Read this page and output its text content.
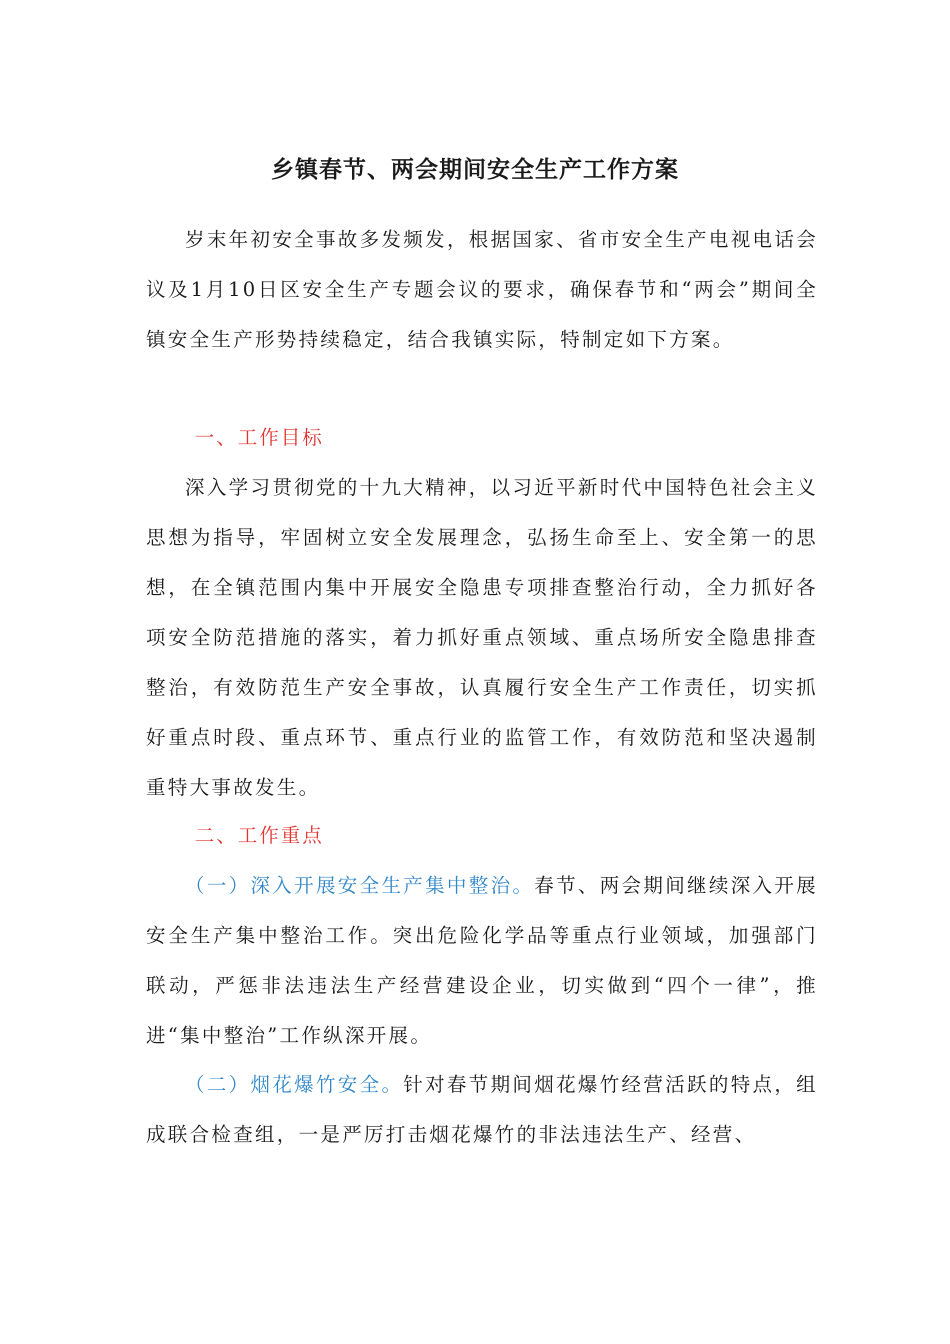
乡镇春节、两会期间安全生产工作方案

岁末年初安全事故多发频发，根据国家、省市安全生产电视电话会议及1月10日区安全生产专题会议的要求，确保春节和“两会”期间全镇安全生产形势持续稳定，结合我镇实际，特制定如下方案。

一、工作目标

深入学习贯彻党的十九大精神，以习近平新时代中国特色社会主义思想为指导，牢固树立安全发展理念，弘扬生命至上、安全第一的思想，在全镇范围内集中开展安全隐患专项排查整治行动，全力抓好各项安全防范措施的落实，着力抓好重点领域、重点场所安全隐患排查整治，有效防范生产安全事故，认真履行安全生产工作责任，切实抓好重点时段、重点环节、重点行业的监管工作，有效防范和坚决遏制重特大事故发生。

二、工作重点

（一）深入开展安全生产集中整治。春节、两会期间继续深入开展安全生产集中整治工作。突出危险化学品等重点行业领域，加强部门联动，严惩非法违法生产经营建设企业，切实做到“四个一律”，推进“集中整治”工作纵深开展。

（二）烟花爆竹安全。针对春节期间烟花爆竹经营活跃的特点，组成联合检查组，一是严厉打击烟花爆竹的非法违法生产、经营、
